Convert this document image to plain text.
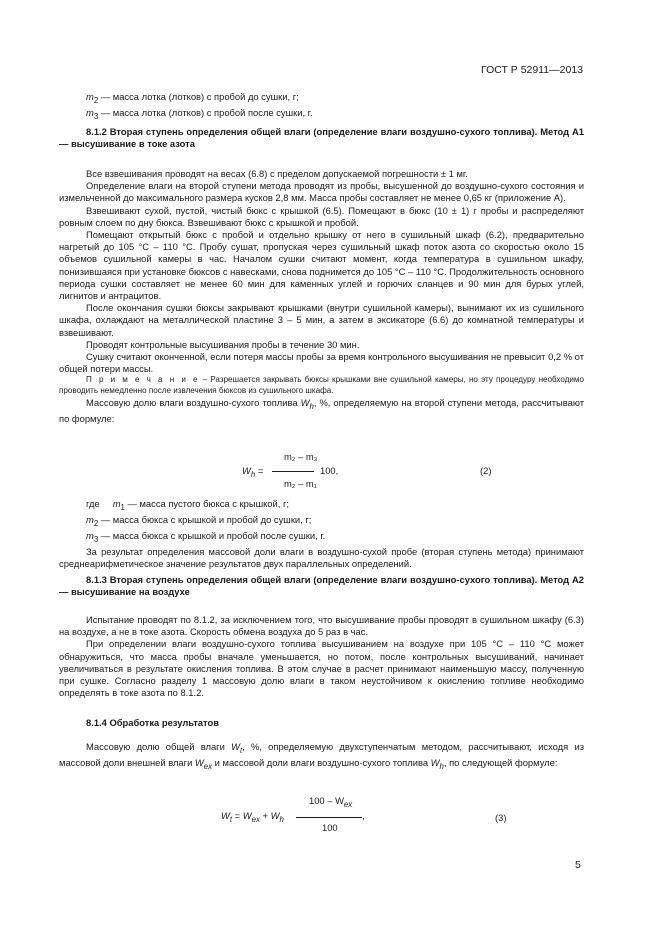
ГОСТ Р 52911—2013

$m_2$ — масса лотка (лотков) с пробой до сушки, г;

$m_3$ — масса лотка (лотков) с пробой после сушки, г.

8.1.2 Вторая ступень определения общей влаги (определение влаги воздушно-сухого топлива). Метод А1 — высушивание в токе азота

Все взвешивания проводят на весах (6.8) с пределом допускаемой погрешности ± 1 мг.

Определение влаги на второй ступени метода проводят из пробы, высушенной до воздушно-сухого состояния и измельченной до максимального размера кусков 2,8 мм. Масса пробы составляет не менее 0,65 кг (приложение А).

Взвешивают сухой, пустой, чистый бюкс с крышкой (6.5). Помещают в бюкс (10 ± 1) г пробы и распределяют ровным слоем по дну бюкса. Взвешивают бюкс с крышкой и пробой.

Помещают открытый бюкс с пробой и отдельно крышку от него в сушильный шкаф (6.2), предварительно нагретый до 105 °С – 110 °С. Пробу сушат, пропуская через сушильный шкаф поток азота со скоростью около 15 объемов сушильной камеры в час. Началом сушки считают момент, когда температура в сушильном шкафу, понизившаяся при установке бюксов с навесками, снова поднимется до 105 °С – 110 °С. Продолжительность основного периода сушки составляет не менее 60 мин для каменных углей и горючих сланцев и 90 мин для бурых углей, лигнитов и антрацитов.

После окончания сушки бюксы закрывают крышками (внутри сушильной камеры), вынимают их из сушильного шкафа, охлаждают на металлической пластине 3 – 5 мин, а затем в эксикаторе (6.6) до комнатной температуры и взвешивают.

Проводят контрольные высушивания пробы в течение 30 мин.

Сушку считают оконченной, если потеря массы пробы за время контрольного высушивания не превысит 0,2 % от общей потери массы.

П р и м е ч а н и е – Разрешается закрывать бюксы крышками вне сушильной камеры, но эту процедуру необходимо проводить немедленно после извлечения бюксов из сушильного шкафа.

Массовую долю влаги воздушно-сухого топлива $W_h$, %, определяемую на второй ступени метода, рассчитывают по формуле:

$W_h$ =
m₂ – m₃
m₂ – m₁
100,	(2)

где $m_1$ — масса пустого бюкса с крышкой, г;

$m_2$ — масса бюкса с крышкой и пробой до сушки, г;

$m_3$ — масса бюкса с крышкой и пробой после сушки, г.

За результат определения массовой доли влаги в воздушно-сухой пробе (вторая ступень метода) принимают среднеарифметическое значение результатов двух параллельных определений.

8.1.3 Вторая ступень определения общей влаги (определение влаги воздушно-сухого топлива). Метод А2 — высушивание на воздухе

Испытание проводят по 8.1.2, за исключением того, что высушивание пробы проводят в сушильном шкафу (6.3) на воздухе, а не в токе азота. Скорость обмена воздуха до 5 раз в час.

При определении влаги воздушно-сухого топлива высушиванием на воздухе при 105 °С – 110 °С может обнаружиться, что масса пробы вначале уменьшается, но потом, после контрольных высушиваний, начинает увеличиваться в результате окисления топлива. В этом случае в расчет принимают наименьшую массу, полученную при сушке. Согласно разделу 1 массовую долю влаги в таком неустойчивом к окислению топливе необходимо определять в токе азота по 8.1.2.

8.1.4 Обработка результатов

Массовую долю общей влаги $W_t$, %, определяемую двухступенчатым методом, рассчитывают, исходя из массовой доли внешней влаги $W_{ex}$ и массовой доли влаги воздушно-сухого топлива $W_h$, по следующей формуле:

$W_t = W_{ex} + W_h$
$100 - W_{ex}$
100
,	(3)
5
